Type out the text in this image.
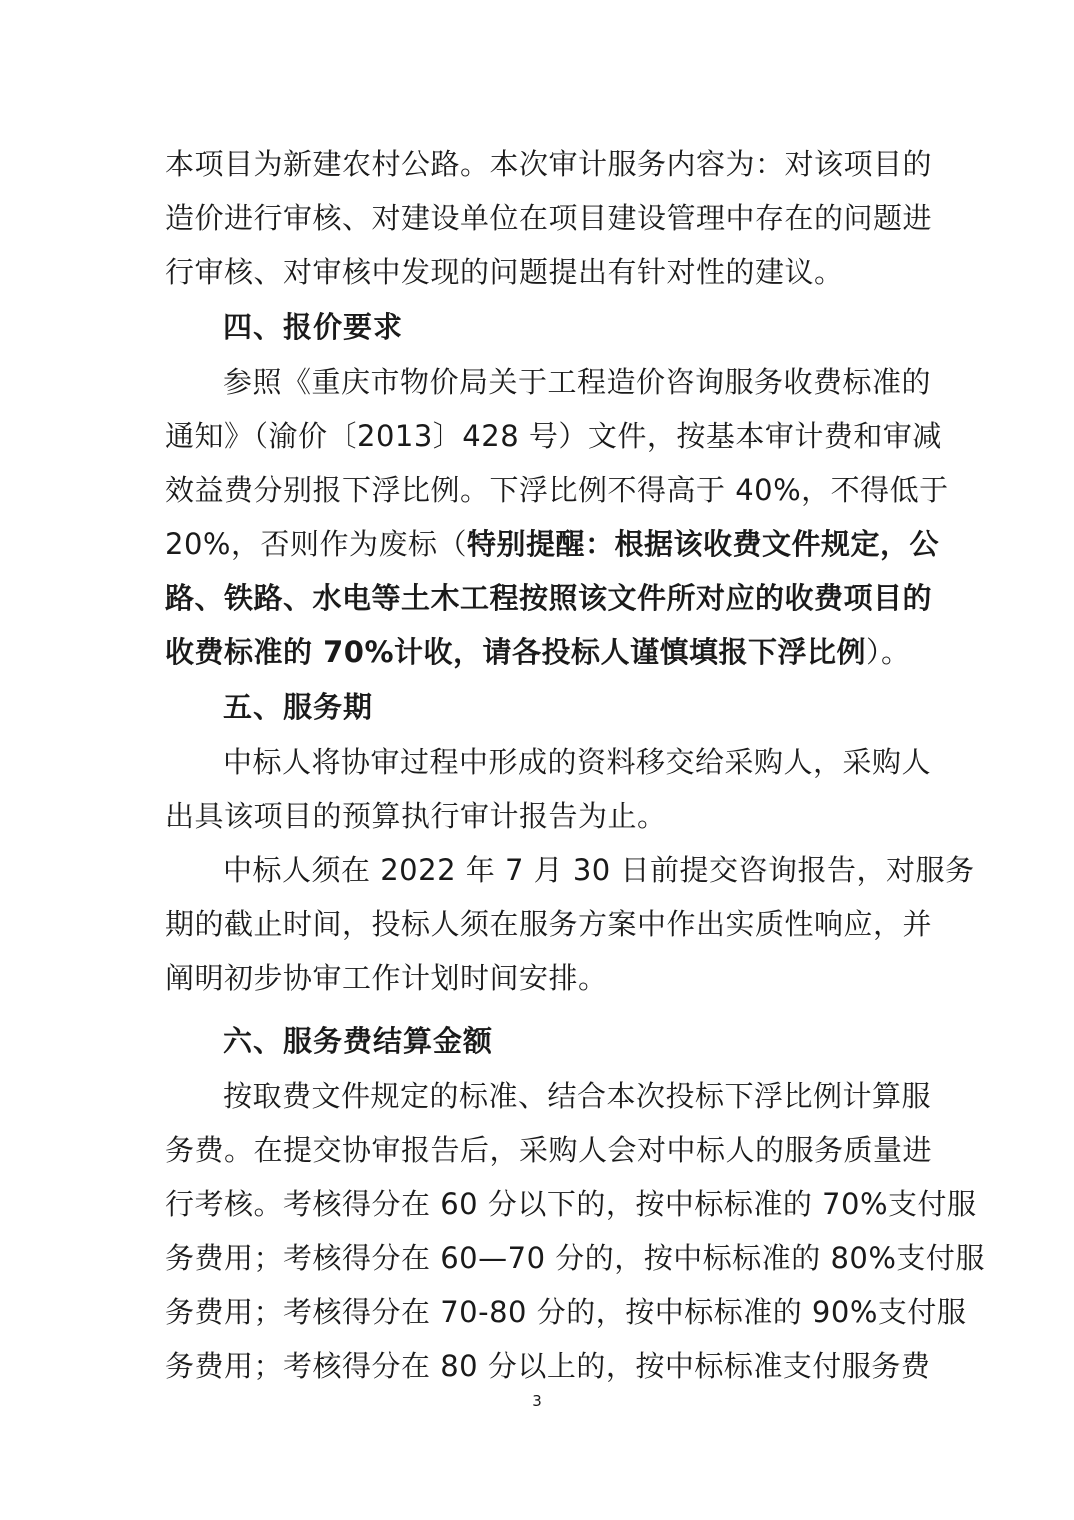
本项目为新建农村公路。本次审计服务内容为：对该项目的
造价进行审核、对建设单位在项目建设管理中存在的问题进
行审核、对审核中发现的问题提出有针对性的建议。
四、报价要求
参照《重庆市物价局关于工程造价咨询服务收费标准的
通知》（渝价〔2013〕428 号）文件，按基本审计费和审减
效益费分别报下浮比例。下浮比例不得高于 40%，不得低于
20%，否则作为废标（特别提醒：根据该收费文件规定，公
路、铁路、水电等土木工程按照该文件所对应的收费项目的
收费标准的 70%计收，请各投标人谨慎填报下浮比例）。
五、服务期
中标人将协审过程中形成的资料移交给采购人，采购人
出具该项目的预算执行审计报告为止。
中标人须在 2022 年 7 月 30 日前提交咨询报告，对服务
期的截止时间，投标人须在服务方案中作出实质性响应，并
阐明初步协审工作计划时间安排。
六、服务费结算金额
按取费文件规定的标准、结合本次投标下浮比例计算服
务费。在提交协审报告后，采购人会对中标人的服务质量进
行考核。考核得分在 60 分以下的，按中标标准的 70%支付服
务费用；考核得分在 60—70 分的，按中标标准的 80%支付服
务费用；考核得分在 70-80 分的，按中标标准的 90%支付服
务费用；考核得分在 80 分以上的，按中标标准支付服务费
3
